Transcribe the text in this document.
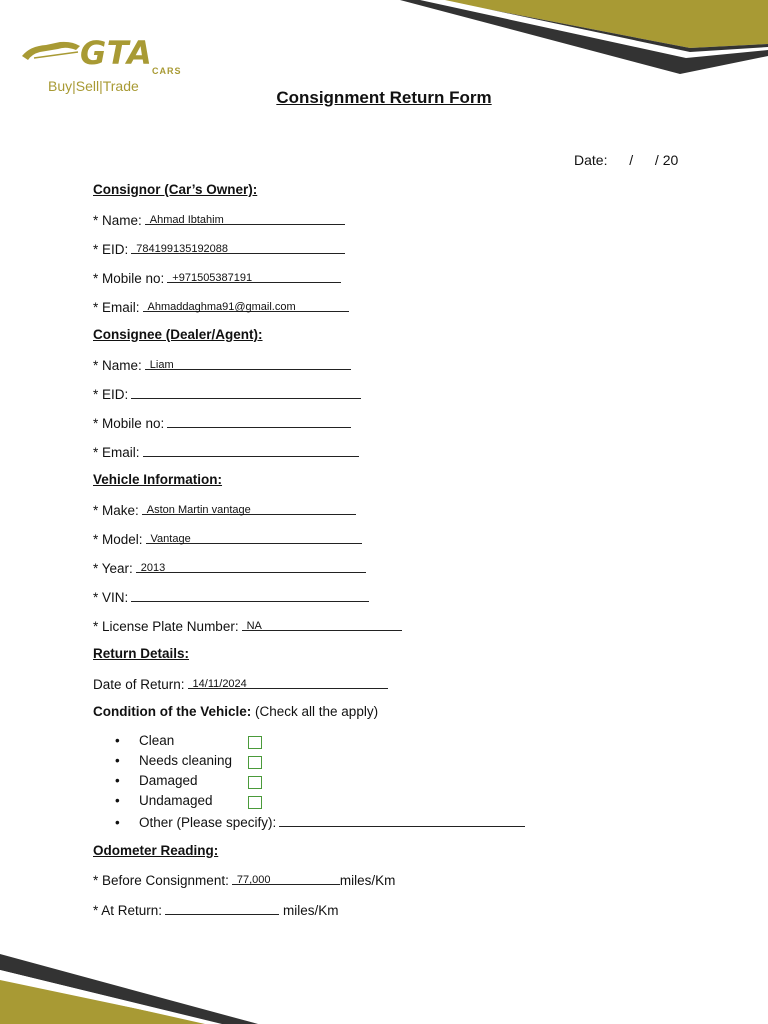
GTA CARS
Buy|Sell|Trade
Consignment Return Form
Date: / / 20
Consignor (Car’s Owner):
* Name: Ahmad Ibtahim
* EID: 784199135192088
* Mobile no: +971505387191
* Email: Ahmaddaghma91@gmail.com
Consignee (Dealer/Agent):
* Name: Liam
* EID:
* Mobile no:
* Email:
Vehicle Information:
* Make: Aston Martin vantage
* Model: Vantage
* Year: 2013
* VIN:
* License Plate Number: NA
Return Details:
Date of Return: 14/11/2024
Condition of the Vehicle: (Check all the apply)
• Clean
• Needs cleaning
• Damaged
• Undamaged
• Other (Please specify):
Odometer Reading:
* Before Consignment: 77,000	miles/Km
* At Return:	miles/Km
